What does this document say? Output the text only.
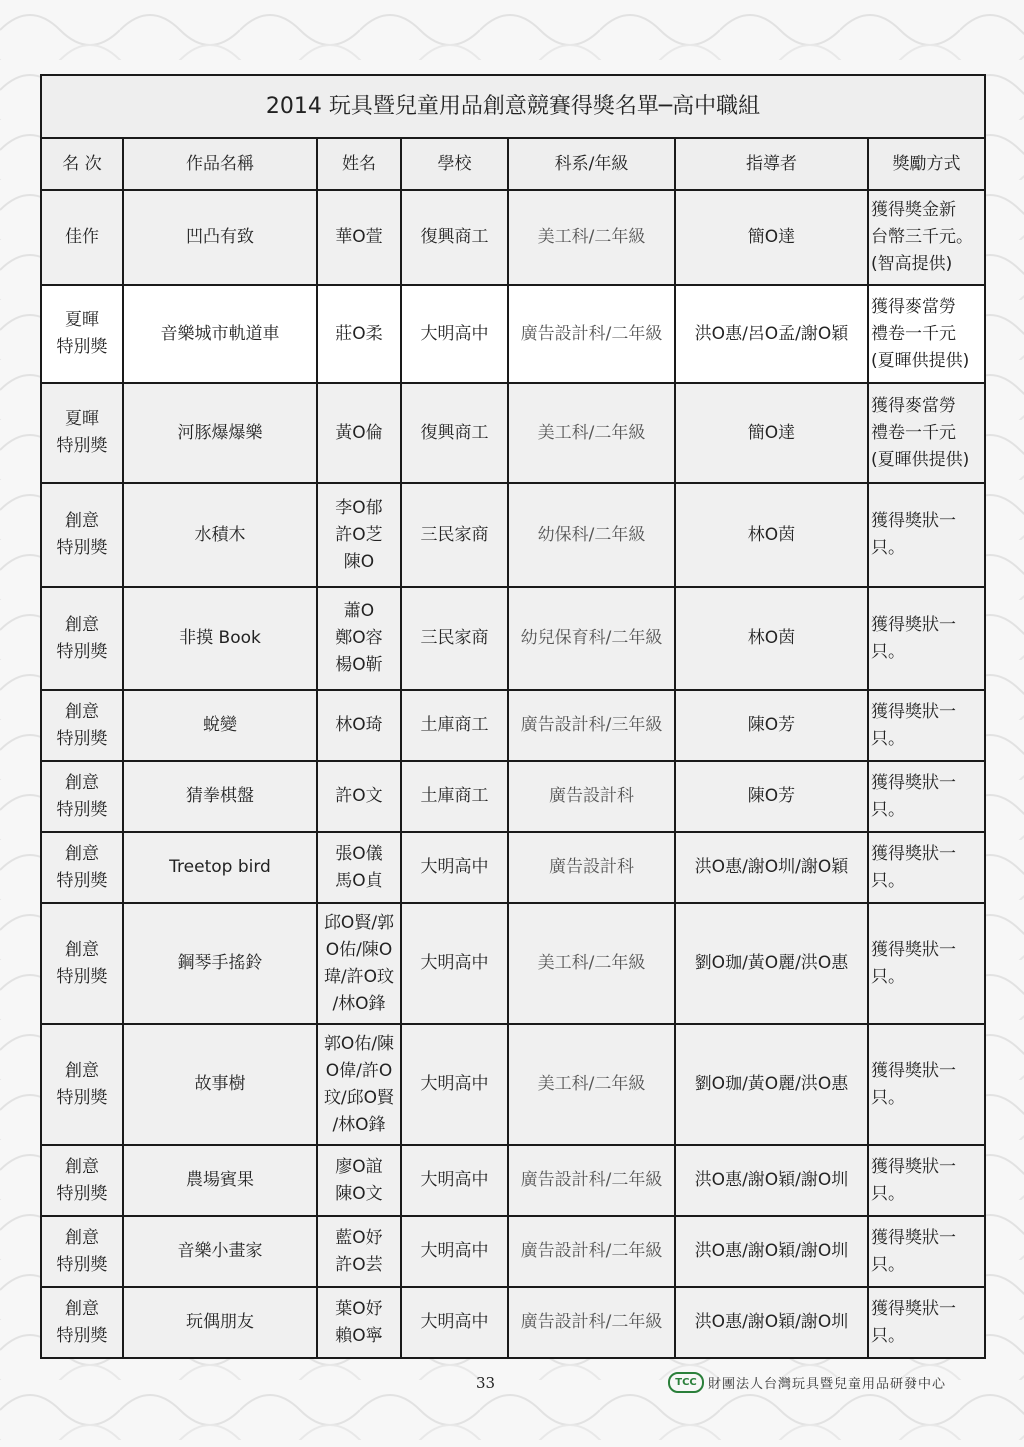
2014 玩具暨兒童用品創意競賽得獎名單─高中職組						
名 次	作品名稱	姓名	學校	科系/年級	指導者	獎勵方式

佳作	凹凸有致	華O萱	復興商工	美工科/二年級	簡O達	獲得獎金新
台幣三千元。
(智高提供)

夏暉
特別獎	音樂城市軌道車	莊O柔	大明高中	廣告設計科/二年級	洪O惠/呂O孟/謝O穎	獲得麥當勞
禮卷一千元
(夏暉供提供)

夏暉
特別獎	河豚爆爆樂	黃O倫	復興商工	美工科/二年級	簡O達	獲得麥當勞
禮卷一千元
(夏暉供提供)

創意
特別獎	水積木	李O郁
許O芝
陳O	三民家商	幼保科/二年級	林O茵	獲得獎狀一
只。

創意
特別獎	非摸 Book	蕭O
鄭O容
楊O靳	三民家商	幼兒保育科/二年級	林O茵	獲得獎狀一
只。

創意
特別獎	蛻變	林O琦	土庫商工	廣告設計科/三年級	陳O芳	獲得獎狀一
只。

創意
特別獎	猜拳棋盤	許O文	土庫商工	廣告設計科	陳O芳	獲得獎狀一
只。

創意
特別獎	Treetop bird	張O儀
馬O貞	大明高中	廣告設計科	洪O惠/謝O圳/謝O穎	獲得獎狀一
只。

創意
特別獎	鋼琴手搖鈴	邱O賢/郭
O佑/陳O
瑋/許O玟
/林O鋒	大明高中	美工科/二年級	劉O珈/黃O麗/洪O惠	獲得獎狀一
只。

創意
特別獎	故事樹	郭O佑/陳
O偉/許O
玟/邱O賢
/林O鋒	大明高中	美工科/二年級	劉O珈/黃O麗/洪O惠	獲得獎狀一
只。

創意
特別獎	農場賓果	廖O誼
陳O文	大明高中	廣告設計科/二年級	洪O惠/謝O穎/謝O圳	獲得獎狀一
只。

創意
特別獎	音樂小畫家	藍O妤
許O芸	大明高中	廣告設計科/二年級	洪O惠/謝O穎/謝O圳	獲得獎狀一
只。

創意
特別獎	玩偶朋友	葉O妤
賴O寧	大明高中	廣告設計科/二年級	洪O惠/謝O穎/謝O圳	獲得獎狀一
只。
33	TCC 財團法人台灣玩具暨兒童用品研發中心
